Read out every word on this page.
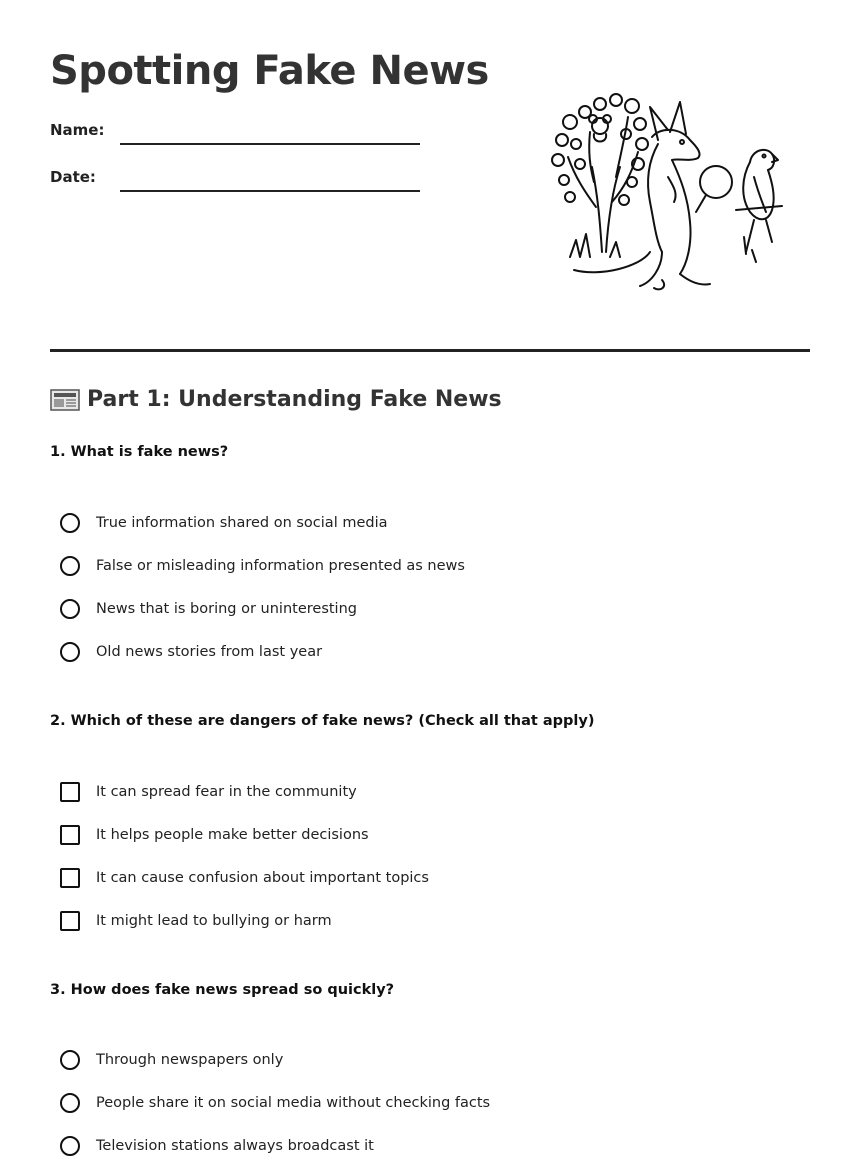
Spotting Fake News
Name:
Date:
Part 1: Understanding Fake News

1. What is fake news?

True information shared on social media
False or misleading information presented as news
News that is boring or uninteresting
Old news stories from last year

2. Which of these are dangers of fake news? (Check all that apply)

It can spread fear in the community
It helps people make better decisions
It can cause confusion about important topics
It might lead to bullying or harm

3. How does fake news spread so quickly?

Through newspapers only
People share it on social media without checking facts
Television stations always broadcast it
